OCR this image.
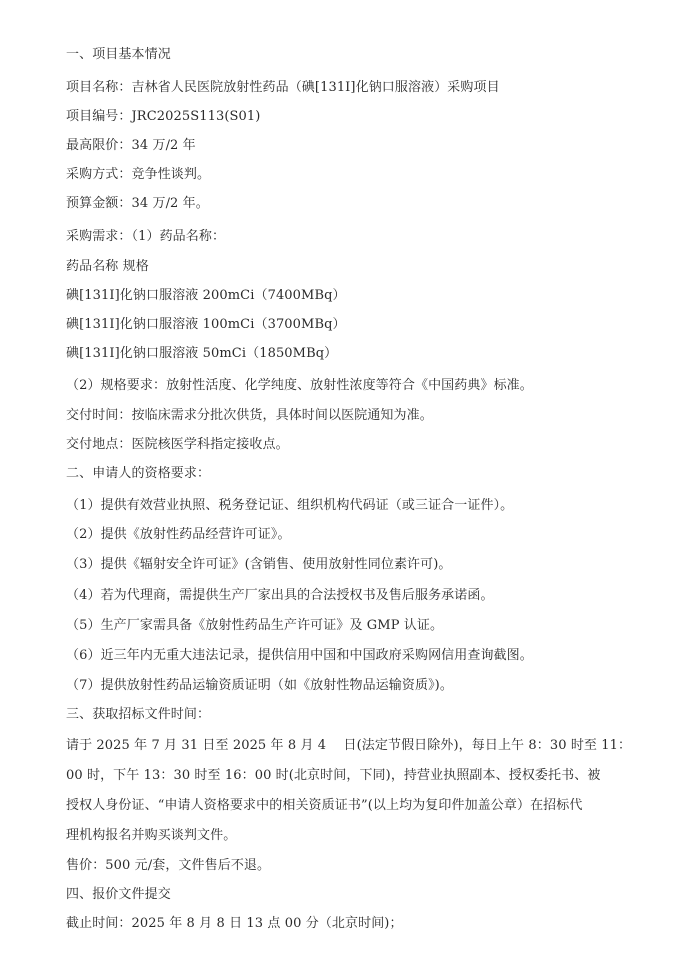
一、项目基本情况
项目名称：吉林省人民医院放射性药品（碘[131I]化钠口服溶液）采购项目
项目编号：JRC2025S113(S01)
最高限价：34 万/2 年
采购方式：竞争性谈判。
预算金额：34 万/2 年。
采购需求：（1）药品名称：
药品名称 规格
碘[131I]化钠口服溶液 200mCi（7400MBq）
碘[131I]化钠口服溶液 100mCi（3700MBq）
碘[131I]化钠口服溶液 50mCi（1850MBq）
（2）规格要求：放射性活度、化学纯度、放射性浓度等符合《中国药典》标准。
交付时间：按临床需求分批次供货，具体时间以医院通知为准。
交付地点：医院核医学科指定接收点。
二、申请人的资格要求：
（1）提供有效营业执照、税务登记证、组织机构代码证（或三证合一证件）。
（2）提供《放射性药品经营许可证》。
（3）提供《辐射安全许可证》(含销售、使用放射性同位素许可)。
（4）若为代理商，需提供生产厂家出具的合法授权书及售后服务承诺函。
（5）生产厂家需具备《放射性药品生产许可证》及 GMP 认证。
（6）近三年内无重大违法记录，提供信用中国和中国政府采购网信用查询截图。
（7）提供放射性药品运输资质证明（如《放射性物品运输资质》)。
三、获取招标文件时间：
请于 2025 年 7 月 31 日至 2025 年 8 月 4　 日(法定节假日除外)，每日上午 8：30 时至 11：
00 时，下午 13：30 时至 16：00 时(北京时间，下同)，持营业执照副本、授权委托书、被
授权人身份证、“申请人资格要求中的相关资质证书”(以上均为复印件加盖公章）在招标代
理机构报名并购买谈判文件。
售价：500 元/套，文件售后不退。
四、报价文件提交
截止时间：2025 年 8 月 8 日 13 点 00 分（北京时间)；
